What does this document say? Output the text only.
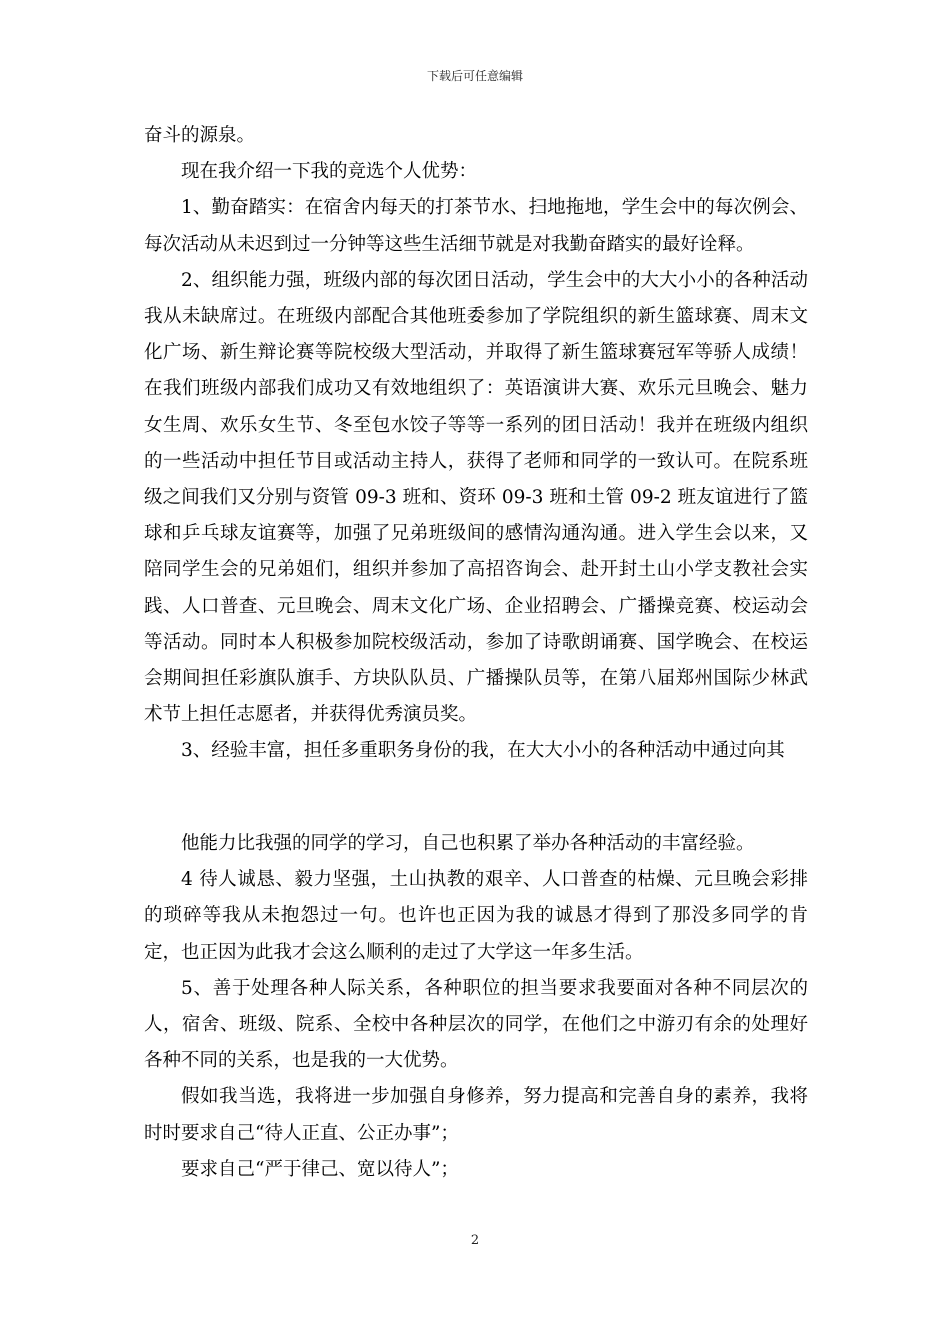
下载后可任意编辑

奋斗的源泉。

现在我介绍一下我的竞选个人优势：

1、勤奋踏实：在宿舍内每天的打茶节水、扫地拖地，学生会中的每次例会、每次活动从未迟到过一分钟等这些生活细节就是对我勤奋踏实的最好诠释。

2、组织能力强，班级内部的每次团日活动，学生会中的大大小小的各种活动我从未缺席过。在班级内部配合其他班委参加了学院组织的新生篮球赛、周末文化广场、新生辩论赛等院校级大型活动，并取得了新生篮球赛冠军等骄人成绩！在我们班级内部我们成功又有效地组织了：英语演讲大赛、欢乐元旦晚会、魅力女生周、欢乐女生节、冬至包水饺子等等一系列的团日活动！我并在班级内组织的一些活动中担任节目或活动主持人，获得了老师和同学的一致认可。在院系班级之间我们又分别与资管 09-3 班和、资环 09-3 班和土管 09-2 班友谊进行了篮球和乒乓球友谊赛等，加强了兄弟班级间的感情沟通沟通。进入学生会以来，又陪同学生会的兄弟姐们，组织并参加了高招咨询会、赴开封土山小学支教社会实践、人口普查、元旦晚会、周末文化广场、企业招聘会、广播操竞赛、校运动会等活动。同时本人积极参加院校级活动，参加了诗歌朗诵赛、国学晚会、在校运会期间担任彩旗队旗手、方块队队员、广播操队员等，在第八届郑州国际少林武术节上担任志愿者，并获得优秀演员奖。

3、经验丰富，担任多重职务身份的我，在大大小小的各种活动中通过向其

他能力比我强的同学的学习，自己也积累了举办各种活动的丰富经验。

4 待人诚恳、毅力坚强，土山执教的艰辛、人口普查的枯燥、元旦晚会彩排的琐碎等我从未抱怨过一句。也许也正因为我的诚恳才得到了那没多同学的肯定，也正因为此我才会这么顺利的走过了大学这一年多生活。

5、善于处理各种人际关系，各种职位的担当要求我要面对各种不同层次的人，宿舍、班级、院系、全校中各种层次的同学，在他们之中游刃有余的处理好各种不同的关系，也是我的一大优势。

假如我当选，我将进一步加强自身修养，努力提高和完善自身的素养，我将时时要求自己“待人正直、公正办事”；

要求自己“严于律己、宽以待人”；

2
